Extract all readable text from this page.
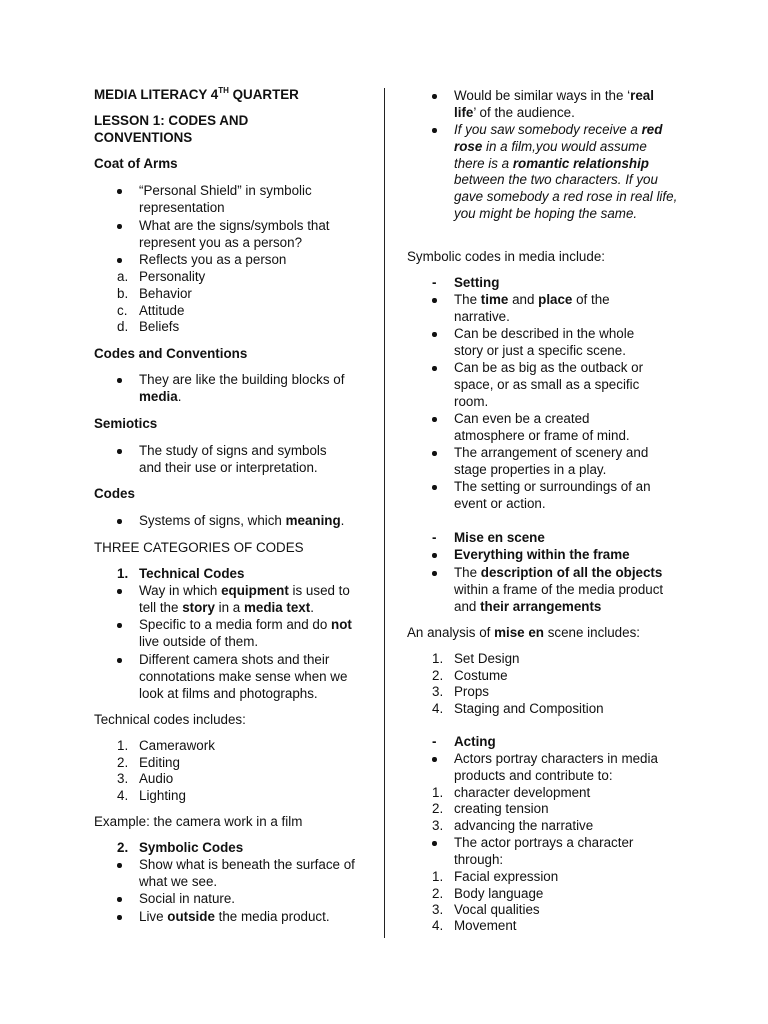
MEDIA LITERACY 4TH QUARTER
LESSON 1: CODES AND CONVENTIONS
Coat of Arms
“Personal Shield” in symbolic representation
What are the signs/symbols that represent you as a person?
Reflects you as a person
a. Personality
b. Behavior
c. Attitude
d. Beliefs
Codes and Conventions
They are like the building blocks of media.
Semiotics
The study of signs and symbols and their use or interpretation.
Codes
Systems of signs, which meaning.
THREE CATEGORIES OF CODES
1. Technical Codes
Way in which equipment is used to tell the story in a media text.
Specific to a media form and do not live outside of them.
Different camera shots and their connotations make sense when we look at films and photographs.
Technical codes includes:
1. Camerawork
2. Editing
3. Audio
4. Lighting
Example: the camera work in a film
2. Symbolic Codes
Show what is beneath the surface of what we see.
Social in nature.
Live outside the media product.
Would be similar ways in the ‘real life’ of the audience.
If you saw somebody receive a red rose in a film,you would assume there is a romantic relationship between the two characters. If you gave somebody a red rose in real life, you might be hoping the same.
Symbolic codes in media include:
- Setting
The time and place of the narrative.
Can be described in the whole story or just a specific scene.
Can be as big as the outback or space, or as small as a specific room.
Can even be a created atmosphere or frame of mind.
The arrangement of scenery and stage properties in a play.
The setting or surroundings of an event or action.
- Mise en scene
Everything within the frame
The description of all the objects within a frame of the media product and their arrangements
An analysis of mise en scene includes:
1. Set Design
2. Costume
3. Props
4. Staging and Composition
- Acting
Actors portray characters in media products and contribute to:
1. character development
2. creating tension
3. advancing the narrative
The actor portrays a character through:
1. Facial expression
2. Body language
3. Vocal qualities
4. Movement
